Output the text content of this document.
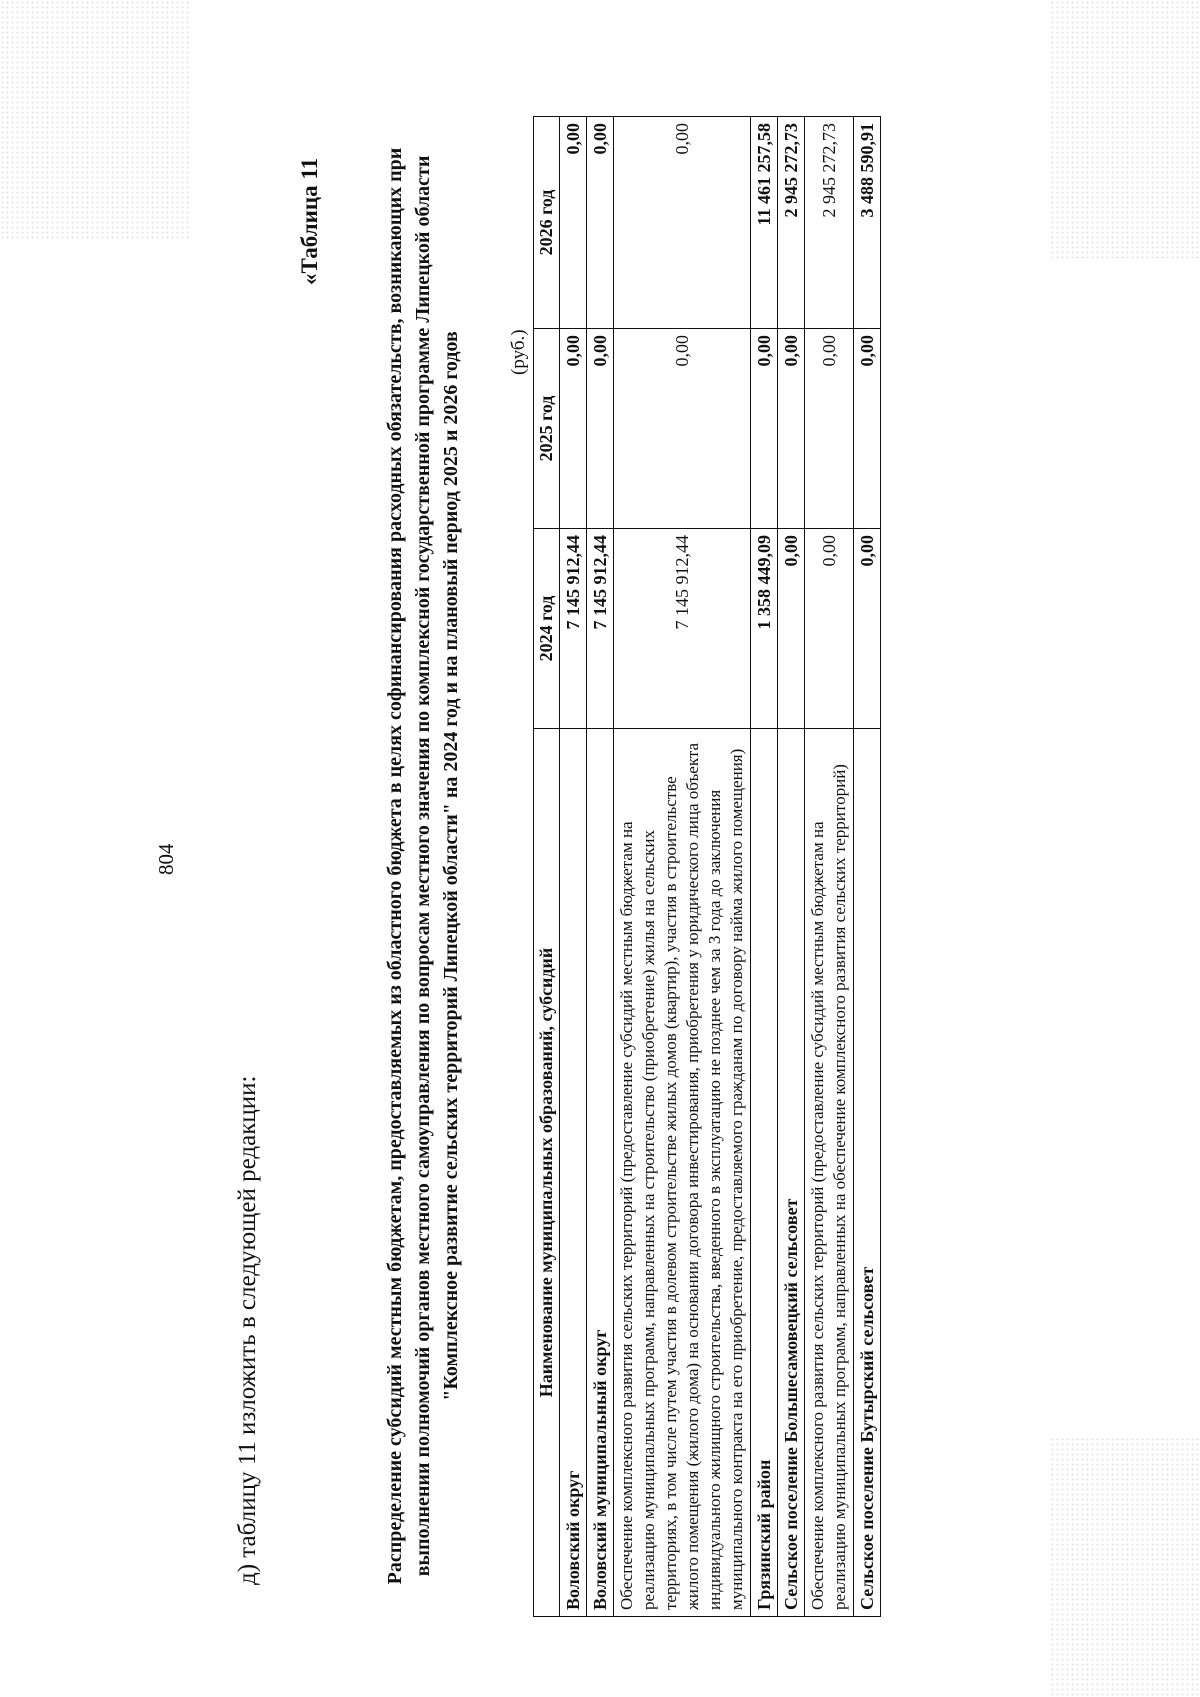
804

д) таблицу 11 изложить в следующей редакции:

«Таблица 11	Распределение субсидий местным бюджетам, предоставляемых из областного бюджета в целях софинансирования расходных обязательств, возникающих при выполнении полномочий органов местного самоуправления по вопросам местного значения по комплексной государственной программе Липецкой области "Комплексное развитие сельских территорий Липецкой области" на 2024 год и на плановый период 2025 и 2026 годов (руб.)

Наименование муниципальных образований, субсидий	2024 год	2025 год	2026 год
Воловский округ	7 145 912,44	0,00	0,00
Воловский муниципальный округ	7 145 912,44	0,00	0,00
Обеспечение комплексного развития сельских территорий (предоставление субсидий местным бюджетам на реализацию муниципальных программ, направленных на строительство (приобретение) жилья на сельских территориях, в том числе путем участия в долевом строительстве жилых домов (квартир), участия в строительстве жилого помещения (жилого дома) на основании договора инвестирования, приобретения у юридического лица объекта индивидуального жилищного строительства, введенного в эксплуатацию не позднее чем за 3 года до заключения муниципального контракта на его приобретение, предоставляемого гражданам по договору найма жилого помещения)	7 145 912,44	0,00	0,00
Грязинский район	1 358 449,09	0,00	11 461 257,58
Сельское поселение Большесамовецкий сельсовет	0,00	0,00	2 945 272,73
Обеспечение комплексного развития сельских территорий (предоставление субсидий местным бюджетам на реализацию муниципальных программ, направленных на обеспечение комплексного развития сельских территорий)	0,00	0,00	2 945 272,73
Сельское поселение Бутырский сельсовет	0,00	0,00	3 488 590,91
